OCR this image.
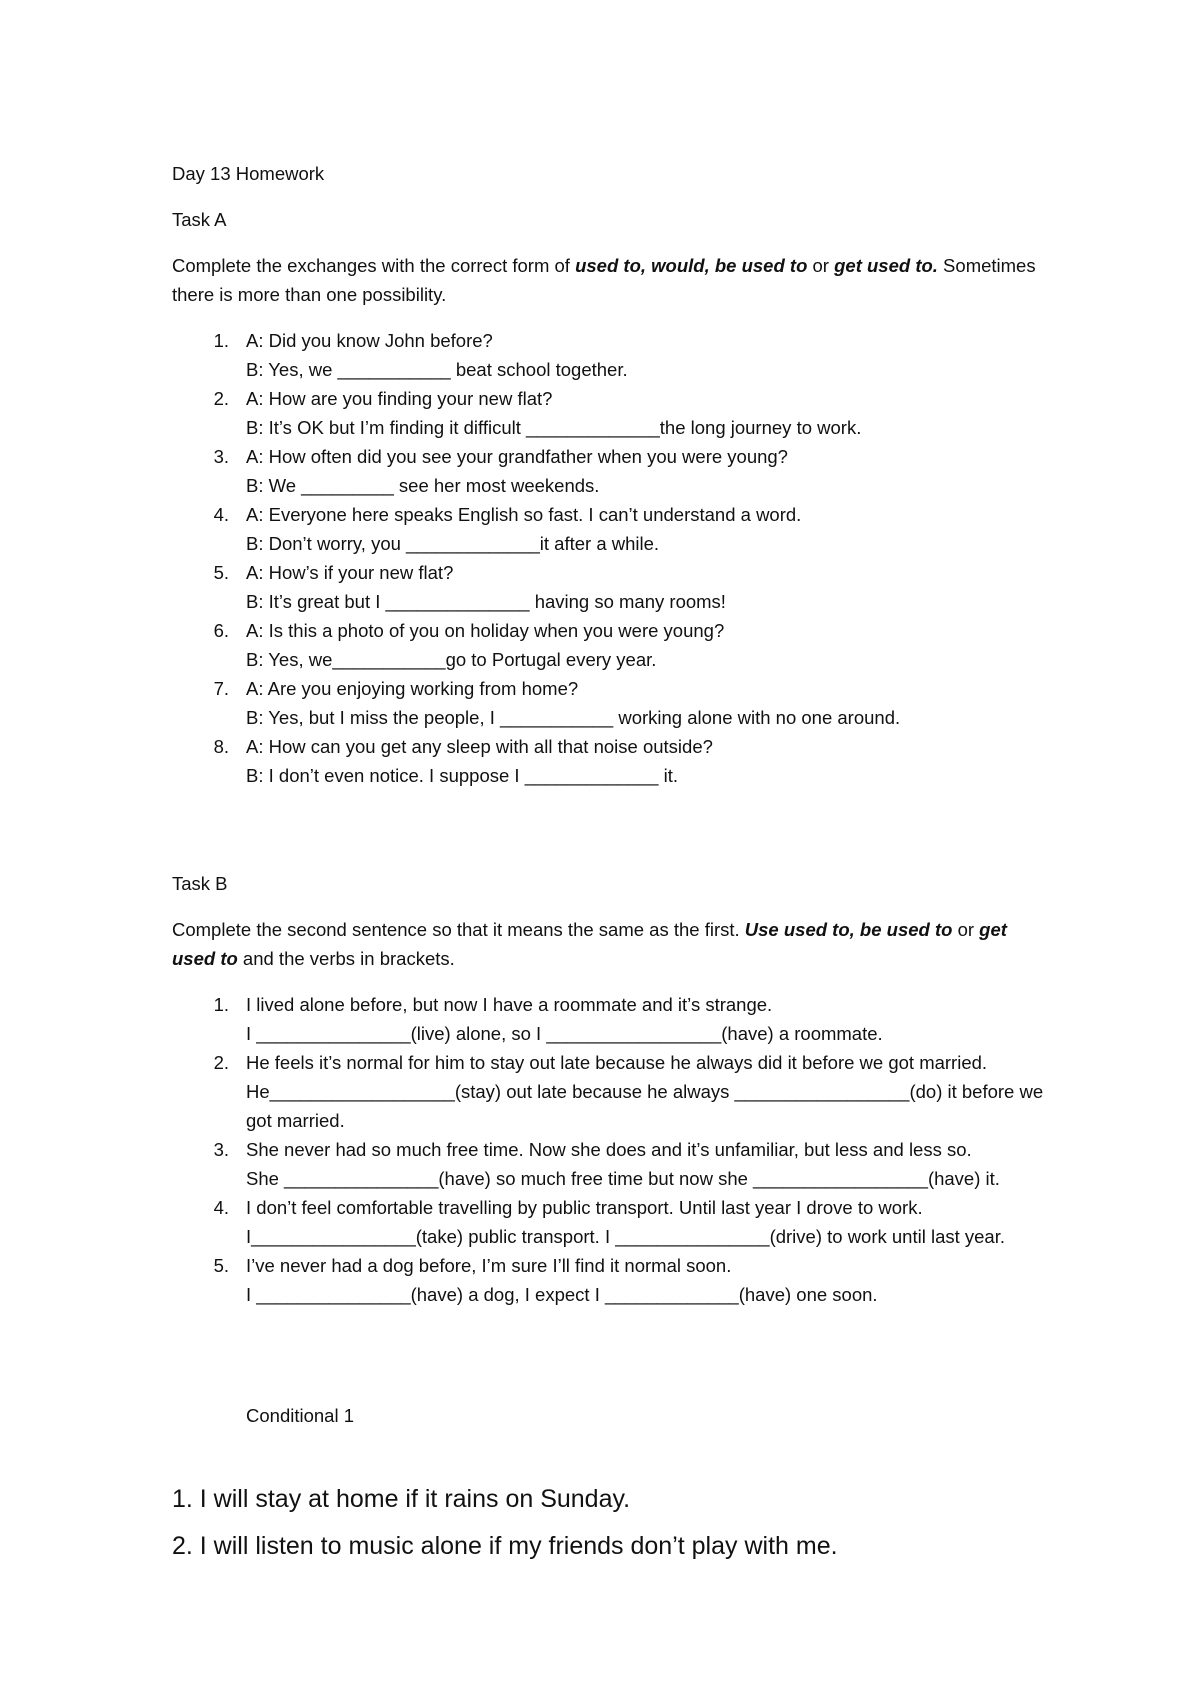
Day 13 Homework
Task A
Complete the exchanges with the correct form of used to, would, be used to or get used to. Sometimes
there is more than one possibility.
1. A: Did you know John before?
B: Yes, we ___________ beat school together.
2. A: How are you finding your new flat?
B: It’s OK but I’m finding it difficult _____________the long journey to work.
3. A: How often did you see your grandfather when you were young?
B: We _________ see her most weekends.
4. A: Everyone here speaks English so fast. I can’t understand a word.
B: Don’t worry, you _____________it after a while.
5. A: How’s if your new flat?
B: It’s great but I ______________ having so many rooms!
6. A: Is this a photo of you on holiday when you were young?
B: Yes, we___________go to Portugal every year.
7. A: Are you enjoying working from home?
B: Yes, but I miss the people, I ___________ working alone with no one around.
8. A: How can you get any sleep with all that noise outside?
B: I don’t even notice. I suppose I _____________ it.
Task B
Complete the second sentence so that it means the same as the first. Use used to, be used to or get
used to and the verbs in brackets.
1. I lived alone before, but now I have a roommate and it’s strange.
I _______________(live) alone, so I _________________(have) a roommate.
2. He feels it’s normal for him to stay out late because he always did it before we got married.
He__________________(stay) out late because he always _________________(do) it before we
got married.
3. She never had so much free time. Now she does and it’s unfamiliar, but less and less so.
She _______________(have) so much free time but now she _________________(have) it.
4. I don’t feel comfortable travelling by public transport. Until last year I drove to work.
I________________(take) public transport. I _______________(drive) to work until last year.
5. I’ve never had a dog before, I’m sure I’ll find it normal soon.
I _______________(have) a dog, I expect I _____________(have) one soon.
Conditional 1
1. I will stay at home if it rains on Sunday.
2. I will listen to music alone if my friends don’t play with me.
